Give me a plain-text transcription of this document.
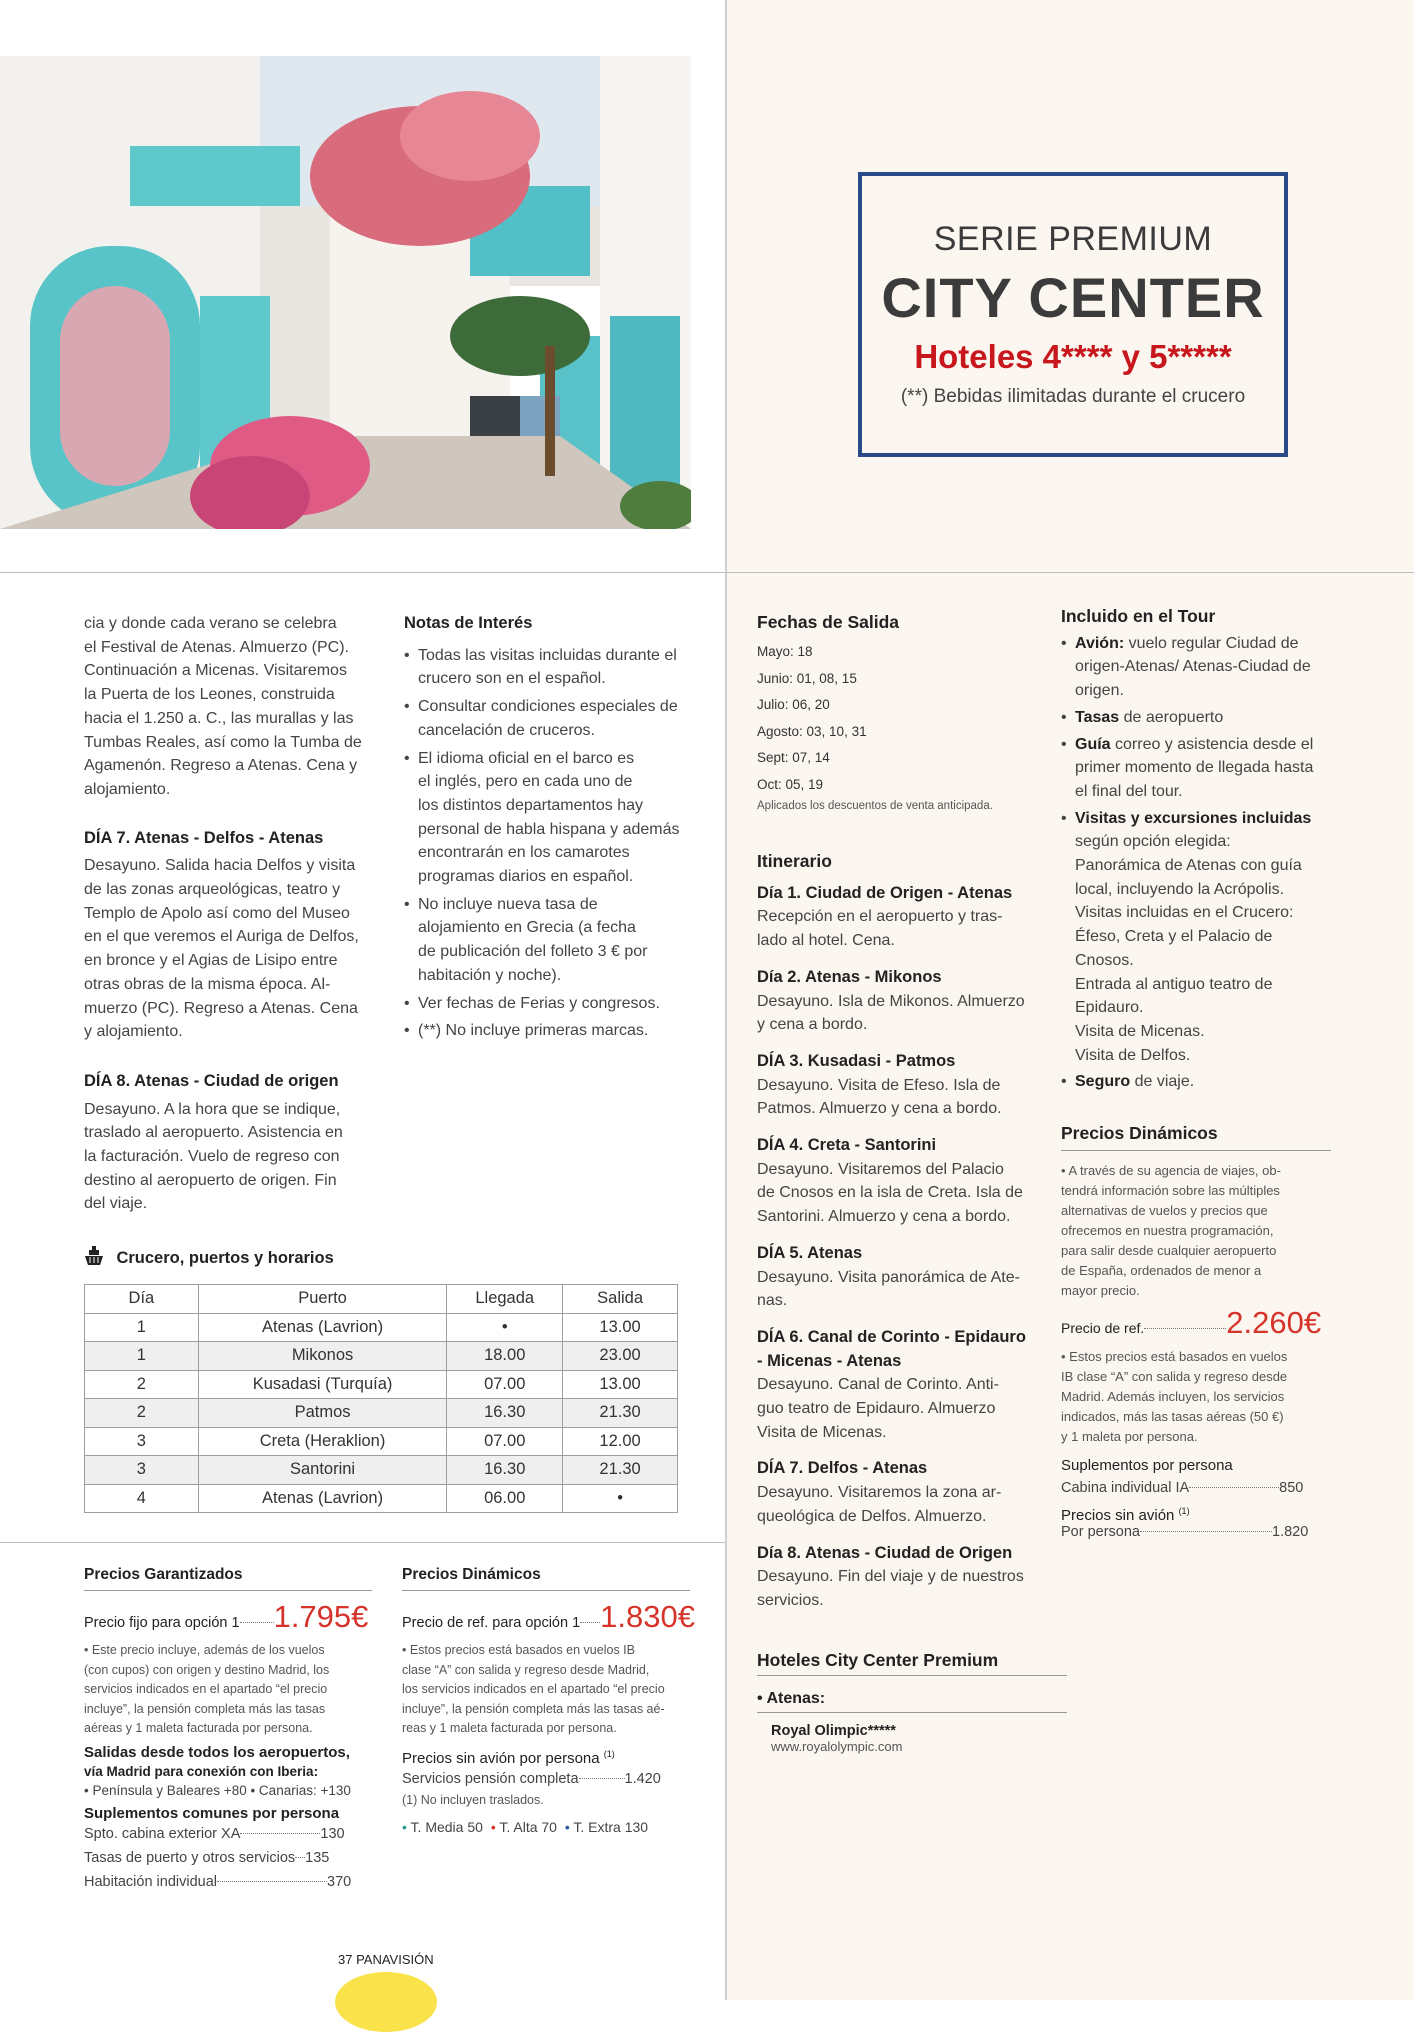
SERIE PREMIUM
CITY CENTER
Hoteles 4**** y 5*****
(**) Bebidas ilimitadas durante el crucero
cia y donde cada verano se celebra
el Festival de Atenas. Almuerzo (PC).
Continuación a Micenas. Visitaremos
la Puerta de los Leones, construida
hacia el 1.250 a. C., las murallas y las
Tumbas Reales, así como la Tumba de
Agamenón. Regreso a Atenas. Cena y
alojamiento.
DÍA 7. Atenas - Delfos - Atenas
Desayuno. Salida hacia Delfos y visita
de las zonas arqueológicas, teatro y
Templo de Apolo así como del Museo
en el que veremos el Auriga de Delfos,
en bronce y el Agias de Lisipo entre
otras obras de la misma época. Al-
muerzo (PC). Regreso a Atenas. Cena
y alojamiento.
DÍA 8. Atenas - Ciudad de origen
Desayuno. A la hora que se indique,
traslado al aeropuerto. Asistencia en
la facturación. Vuelo de regreso con
destino al aeropuerto de origen. Fin
del viaje.
Notas de Interés
• Todas las visitas incluidas durante el
crucero son en el español.
• Consultar condiciones especiales de
cancelación de cruceros.
• El idioma oficial en el barco es
el inglés, pero en cada uno de
los distintos departamentos hay
personal de habla hispana y además
encontrarán en los camarotes
programas diarios en español.
• No incluye nueva tasa de
alojamiento en Grecia (a fecha
de publicación del folleto 3 € por
habitación y noche).
• Ver fechas de Ferias y congresos.
• (**) No incluye primeras marcas.
Crucero, puertos y horarios
Día	Puerto	Llegada	Salida
1	Atenas (Lavrion)	•	13.00
1	Mikonos	18.00	23.00
2	Kusadasi (Turquía)	07.00	13.00
2	Patmos	16.30	21.30
3	Creta (Heraklion)	07.00	12.00
3	Santorini	16.30	21.30
4	Atenas (Lavrion)	06.00	•
Precios Garantizados
Precio fijo para opción 1 1.795€
• Este precio incluye, además de los vuelos
(con cupos) con origen y destino Madrid, los
servicios indicados en el apartado “el precio
incluye”, la pensión completa más las tasas
aéreas y 1 maleta facturada por persona.
Salidas desde todos los aeropuertos,
vía Madrid para conexión con Iberia:
• Península y Baleares +80 • Canarias: +130
Suplementos comunes por persona
Spto. cabina exterior XA	130
Tasas de puerto y otros servicios 135
Habitación individual	370
Precios Dinámicos
Precio de ref. para opción 1 1.830€
• Estos precios está basados en vuelos IB
clase “A” con salida y regreso desde Madrid,
los servicios indicados en el apartado “el precio
incluye”, la pensión completa más las tasas aé-
reas y 1 maleta facturada por persona.
Precios sin avión por persona $^{(1)}$
Servicios pensión completa	1.420
(1) No incluyen traslados.
• T. Media 50 • T. Alta 70 • T. Extra 130
Fechas de Salida
Mayo: 18
Junio: 01, 08, 15
Julio: 06, 20
Agosto: 03, 10, 31
Sept: 07, 14
Oct: 05, 19
Aplicados los descuentos de venta anticipada.
Itinerario
Día 1. Ciudad de Origen - Atenas
Recepción en el aeropuerto y tras-
lado al hotel. Cena.
Día 2. Atenas - Mikonos
Desayuno. Isla de Mikonos. Almuerzo
y cena a bordo.
DÍA 3. Kusadasi - Patmos
Desayuno. Visita de Efeso. Isla de
Patmos. Almuerzo y cena a bordo.
DÍA 4. Creta - Santorini
Desayuno. Visitaremos del Palacio
de Cnosos en la isla de Creta. Isla de
Santorini. Almuerzo y cena a bordo.
DÍA 5. Atenas
Desayuno. Visita panorámica de Ate-
nas.
DÍA 6. Canal de Corinto - Epidauro
- Micenas - Atenas
Desayuno. Canal de Corinto. Anti-
guo teatro de Epidauro. Almuerzo
Visita de Micenas.
DÍA 7. Delfos - Atenas
Desayuno. Visitaremos la zona ar-
queológica de Delfos. Almuerzo.
Día 8. Atenas - Ciudad de Origen
Desayuno. Fin del viaje y de nuestros
servicios.
Hoteles City Center Premium
• Atenas:
Royal Olimpic*****
www.royalolympic.com
Incluido en el Tour
• Avión: vuelo regular Ciudad de
origen-Atenas/ Atenas-Ciudad de
origen.
• Tasas de aeropuerto
• Guía correo y asistencia desde el
primer momento de llegada hasta
el final del tour.
• Visitas y excursiones incluidas
según opción elegida:
Panorámica de Atenas con guía
local, incluyendo la Acrópolis.
Visitas incluidas en el Crucero:
Éfeso, Creta y el Palacio de
Cnosos.
Entrada al antiguo teatro de
Epidauro.
Visita de Micenas.
Visita de Delfos.
• Seguro de viaje.
Precios Dinámicos
• A través de su agencia de viajes, ob-
tendrá información sobre las múltiples
alternativas de vuelos y precios que
ofrecemos en nuestra programación,
para salir desde cualquier aeropuerto
de España, ordenados de menor a
mayor precio.
Precio de ref.	2.260€
• Estos precios está basados en vuelos
IB clase “A” con salida y regreso desde
Madrid. Además incluyen, los servicios
indicados, más las tasas aéreas (50 €)
y 1 maleta por persona.
Suplementos por persona
Cabina individual IA	850
Precios sin avión $^{(1)}$
Por persona	1.820
37 PANAVISIÓN
